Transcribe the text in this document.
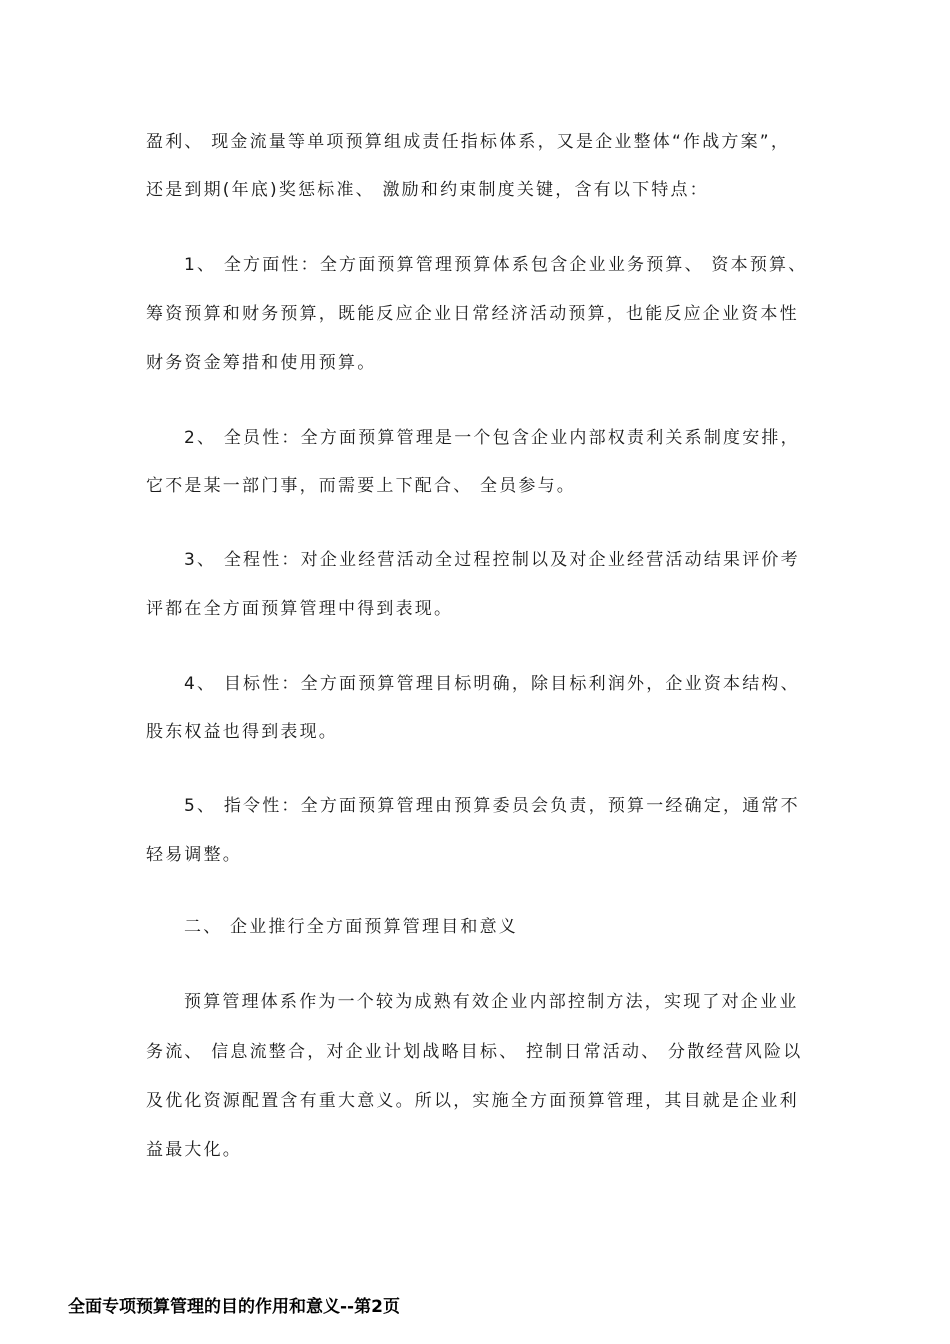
盈利、 现金流量等单项预算组成责任指标体系，又是企业整体“作战方案”，
还是到期(年底)奖惩标准、 激励和约束制度关键，含有以下特点：
1、 全方面性：全方面预算管理预算体系包含企业业务预算、 资本预算、
筹资预算和财务预算，既能反应企业日常经济活动预算，也能反应企业资本性
财务资金筹措和使用预算。
2、 全员性：全方面预算管理是一个包含企业内部权责利关系制度安排，
它不是某一部门事，而需要上下配合、 全员参与。
3、 全程性：对企业经营活动全过程控制以及对企业经营活动结果评价考
评都在全方面预算管理中得到表现。
4、 目标性：全方面预算管理目标明确，除目标利润外，企业资本结构、
股东权益也得到表现。
5、 指令性：全方面预算管理由预算委员会负责，预算一经确定，通常不
轻易调整。
二、 企业推行全方面预算管理目和意义
预算管理体系作为一个较为成熟有效企业内部控制方法，实现了对企业业
务流、 信息流整合，对企业计划战略目标、 控制日常活动、 分散经营风险以
及优化资源配置含有重大意义。所以，实施全方面预算管理，其目就是企业利
益最大化。
全面专项预算管理的目的作用和意义--第2页
